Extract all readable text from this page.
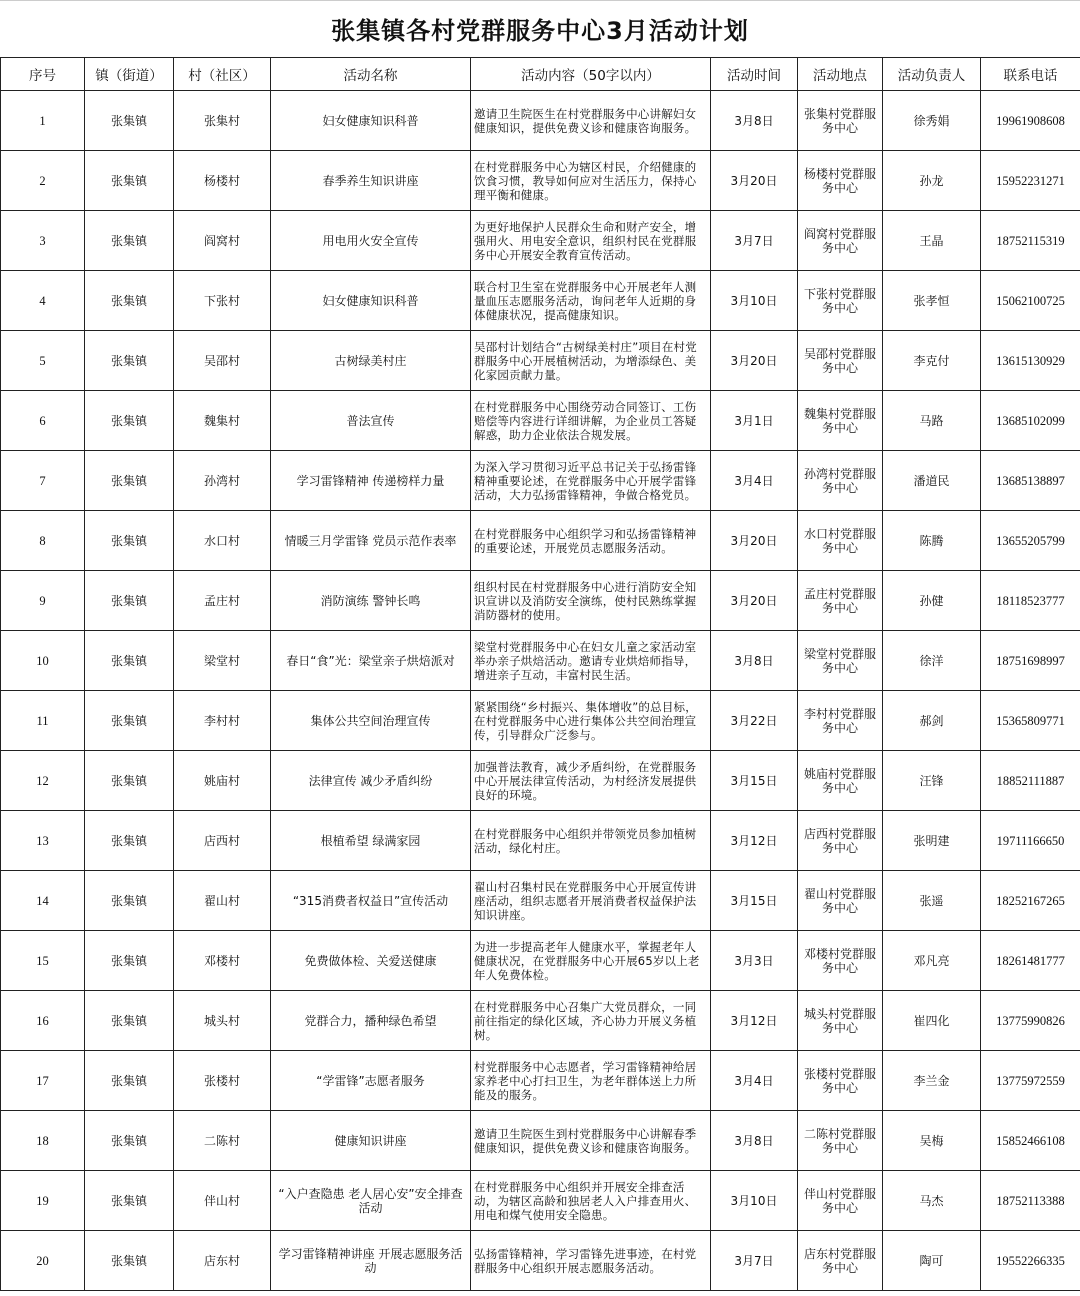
张集镇各村党群服务中心3月活动计划
序号	镇（街道）	村（社区）	活动名称	活动内容（50字以内）	活动时间	活动地点	活动负责人	联系电话
1	张集镇	张集村	妇女健康知识科普	邀请卫生院医生在村党群服务中心讲解妇女健康知识，提供免费义诊和健康咨询服务。	3月8日	张集村党群服务中心	徐秀娟	19961908608
2	张集镇	杨楼村	春季养生知识讲座	在村党群服务中心为辖区村民，介绍健康的饮食习惯，教导如何应对生活压力，保持心理平衡和健康。	3月20日	杨楼村党群服务中心	孙龙	15952231271
3	张集镇	阎窝村	用电用火安全宣传	为更好地保护人民群众生命和财产安全，增强用火、用电安全意识，组织村民在党群服务中心开展安全教育宣传活动。	3月7日	阎窝村党群服务中心	王晶	18752115319
4	张集镇	下张村	妇女健康知识科普	联合村卫生室在党群服务中心开展老年人测量血压志愿服务活动，询问老年人近期的身体健康状况，提高健康知识。	3月10日	下张村党群服务中心	张孝恒	15062100725
5	张集镇	吴邵村	古树绿美村庄	吴邵村计划结合“古树绿美村庄”项目在村党群服务中心开展植树活动，为增添绿色、美化家园贡献力量。	3月20日	吴邵村党群服务中心	李克付	13615130929
6	张集镇	魏集村	普法宣传	在村党群服务中心围绕劳动合同签订、工伤赔偿等内容进行详细讲解，为企业员工答疑解惑，助力企业依法合规发展。	3月1日	魏集村党群服务中心	马路	13685102099
7	张集镇	孙湾村	学习雷锋精神 传递榜样力量	为深入学习贯彻习近平总书记关于弘扬雷锋精神重要论述，在党群服务中心开展学雷锋活动，大力弘扬雷锋精神，争做合格党员。	3月4日	孙湾村党群服务中心	潘道民	13685138897
8	张集镇	水口村	情暖三月学雷锋 党员示范作表率	在村党群服务中心组织学习和弘扬雷锋精神的重要论述，开展党员志愿服务活动。	3月20日	水口村党群服务中心	陈腾	13655205799
9	张集镇	孟庄村	消防演练 警钟长鸣	组织村民在村党群服务中心进行消防安全知识宣讲以及消防安全演练，使村民熟练掌握消防器材的使用。	3月20日	孟庄村党群服务中心	孙健	18118523777
10	张集镇	梁堂村	春日“食”光：梁堂亲子烘焙派对	梁堂村党群服务中心在妇女儿童之家活动室举办亲子烘焙活动。邀请专业烘焙师指导，增进亲子互动，丰富村民生活。	3月8日	梁堂村党群服务中心	徐洋	18751698997
11	张集镇	李村村	集体公共空间治理宣传	紧紧围绕“乡村振兴、集体增收”的总目标，在村党群服务中心进行集体公共空间治理宣传，引导群众广泛参与。	3月22日	李村村党群服务中心	郝剑	15365809771
12	张集镇	姚庙村	法律宣传 减少矛盾纠纷	加强普法教育，减少矛盾纠纷，在党群服务中心开展法律宣传活动，为村经济发展提供良好的环境。	3月15日	姚庙村党群服务中心	汪锋	18852111887
13	张集镇	店西村	根植希望 绿满家园	在村党群服务中心组织并带领党员参加植树活动，绿化村庄。	3月12日	店西村党群服务中心	张明建	19711166650
14	张集镇	翟山村	“315消费者权益日”宣传活动	翟山村召集村民在党群服务中心开展宣传讲座活动，组织志愿者开展消费者权益保护法知识讲座。	3月15日	翟山村党群服务中心	张遥	18252167265
15	张集镇	邓楼村	免费做体检、关爱送健康	为进一步提高老年人健康水平，掌握老年人健康状况，在党群服务中心开展65岁以上老年人免费体检。	3月3日	邓楼村党群服务中心	邓凡亮	18261481777
16	张集镇	城头村	党群合力，播种绿色希望	在村党群服务中心召集广大党员群众，一同前往指定的绿化区域，齐心协力开展义务植树。	3月12日	城头村党群服务中心	崔四化	13775990826
17	张集镇	张楼村	“学雷锋”志愿者服务	村党群服务中心志愿者，学习雷锋精神给居家养老中心打扫卫生，为老年群体送上力所能及的服务。	3月4日	张楼村党群服务中心	李兰金	13775972559
18	张集镇	二陈村	健康知识讲座	邀请卫生院医生到村党群服务中心讲解春季健康知识，提供免费义诊和健康咨询服务。	3月8日	二陈村党群服务中心	吴梅	15852466108
19	张集镇	伴山村	“入户查隐患 老人居心安”安全排查活动	在村党群服务中心组织并开展安全排查活动，为辖区高龄和独居老人入户排查用火、用电和煤气使用安全隐患。	3月10日	伴山村党群服务中心	马杰	18752113388
20	张集镇	店东村	学习雷锋精神讲座 开展志愿服务活动	弘扬雷锋精神，学习雷锋先进事迹，在村党群服务中心组织开展志愿服务活动。	3月7日	店东村党群服务中心	陶可	19552266335
